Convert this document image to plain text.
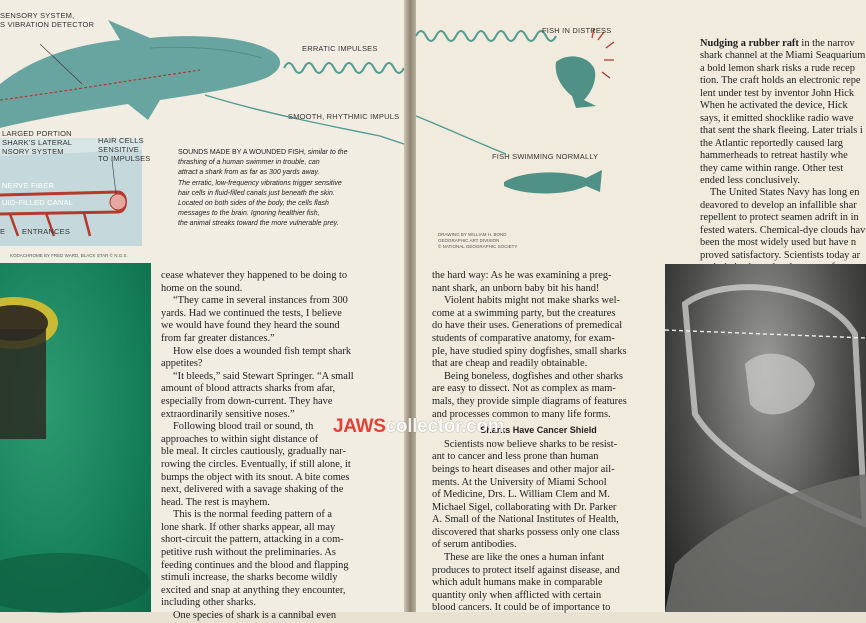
SENSORY SYSTEM,
S VIBRATION DETECTOR
ERRATIC IMPULSES
SMOOTH, RHYTHMIC IMPULS
LARGED PORTION
SHARK'S LATERAL
NSORY SYSTEM
HAIR CELLS
SENSITIVE
TO IMPULSES
NERVE FIBER
UID-FILLED CANAL
E ENTRANCES
SOUNDS MADE BY A WOUNDED FISH, similar to the
thrashing of a human swimmer in trouble, can
attract a shark from as far as 300 yards away.
The erratic, low-frequency vibrations trigger sensitive
hair cells in fluid-filled canals just beneath the skin.
Located on both sides of the body, the cells flash
messages to the brain. Ignoring healthier fish,
the animal streaks toward the more vulnerable prey.
KODACHROME BY FRED WARD, BLACK STAR © N.G.S.

cease whatever they happened to be doing to

home on the sound.

“They came in several instances from 300

yards. Had we continued the tests, I believe

we would have found they heard the sound

from far greater distances.”

How else does a wounded fish tempt shark

appetites?

“It bleeds,” said Stewart Springer. “A small

amount of blood attracts sharks from afar,

especially from down-current. They have

extraordinarily sensitive noses.”

Following blood trail or sound, th

approaches to within sight distance of

ble meal. It circles cautiously, gradually nar-

rowing the circles. Eventually, if still alone, it

bumps the object with its snout. A bite comes

next, delivered with a savage shaking of the

head. The rest is mayhem.

This is the normal feeding pattern of a

lone shark. If other sharks appear, all may

short-circuit the pattern, attacking in a com-

petitive rush without the preliminaries. As

feeding continues and the blood and flapping

stimuli increase, the sharks become wildly

excited and snap at anything they encounter,

including other sharks.

One species of shark is a cannibal even

FISH IN DISTRESS
FISH SWIMMING NORMALLY
DRAWING BY WILLIAM H. BOND
GEOGRAPHIC ART DIVISION
© NATIONAL GEOGRAPHIC SOCIETY

the hard way: As he was examining a preg-

nant shark, an unborn baby bit his hand!

Violent habits might not make sharks wel-

come at a swimming party, but the creatures

do have their uses. Generations of premedical

students of comparative anatomy, for exam-

ple, have studied spiny dogfishes, small sharks

that are cheap and readily obtainable.

Being boneless, dogfishes and other sharks

are easy to dissect. Not as complex as mam-

mals, they provide simple diagrams of features

and processes common to many life forms.

Sharks Have Cancer Shield

Scientists now believe sharks to be resist-

ant to cancer and less prone than human

beings to heart diseases and other major ail-

ments. At the University of Miami School

of Medicine, Drs. L. William Clem and M.

Michael Sigel, collaborating with Dr. Parker

A. Small of the National Institutes of Health,

discovered that sharks possess only one class

of serum antibodies.

These are like the ones a human infant

produces to protect itself against disease, and

which adult humans make in comparable

quantity only when afflicted with certain

blood cancers. It could be of importance to

Nudging a rubber raft in the narrov

shark channel at the Miami Seaquarium

a bold lemon shark risks a rude recep

tion. The craft holds an electronic repe

lent under test by inventor John Hick

When he activated the device, Hick

says, it emitted shocklike radio wave

that sent the shark fleeing. Later trials i

the Atlantic reportedly caused larg

hammerheads to retreat hastily whe

they came within range. Other test

ended less conclusively.

The United States Navy has long en

deavored to develop an infallible shar

repellent to protect seamen adrift in in

fested waters. Chemical-dye clouds hav

been the most widely used but have n

proved satisfactory. Scientists today ar

JAWScollector.com
